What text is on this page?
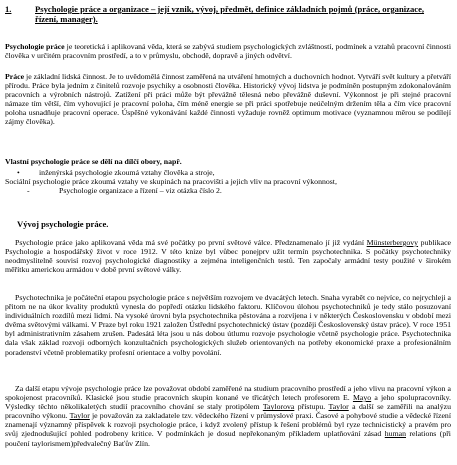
1.	Psychologie práce a organizace – její vznik, vývoj, předmět, definice základních pojmů (práce, organizace, řízení, manager).
Psychologie práce je teoretická i aplikovaná věda, která se zabývá studiem psychologických zvláštností, podmínek a vztahů pracovní činnosti člověka v určitém pracovním prostředí, a to v průmyslu, obchodě, dopravě a jiných odvětví.
Práce je základní lidská činnost. Je to uvědomělá činnost zaměřená na utváření hmotných a duchovních hodnot. Vytváří svět kultury a přetváří přírodu. Práce byla jedním z činitelů rozvoje psychiky a osobnosti člověka. Historický vývoj lidstva je podmíněn postupným zdokonalováním pracovních a výrobních nástrojů. Zatížení při práci může být převážně tělesná nebo převážně duševní. Výkonnost je při stejné pracovní námaze tím větší, čím vyhovující je pracovní poloha, čím méně energie se při práci spotřebuje neúčelným držením těla a čím více pracovní poloha usnadňuje pracovní operace. Úspěšné vykonávání každé činnosti vyžaduje rovněž optimum motivace (vyznamnou měrou se podílejí zájmy člověka).
Vlastní psychologie práce se dělí na dílčí obory, např.
•	inženýrská psychologie zkoumá vztahy člověka a stroje,
Sociální psychologie práce zkoumá vztahy ve skupinách na pracovišti a jejich vliv na pracovní výkonnost,
-	Psychologie organizace a řízení – viz otázka číslo 2.
Vývoj psychologie práce.
Psychologie práce jako aplikovaná věda má své počátky po první světové válce. Předznamenalo jí již vydání Münsterbergovy publikace Psychologie a hospodářský život v roce 1912. V této knize byl vůbec ponejprv užit termín psychotechnika. S počátky psychotechniky neodmyslitelně souvisí rozvoj psychologické diagnostiky a zejména inteligenčních testů. Ten započaly armádní testy použité v širokém měřítku americkou armádou v době první světové války.
Psychotechnika je počáteční etapou psychologie práce s největším rozvojem ve dvacátých letech. Snaha vyrabět co nejvíce, co nejrychleji a přitom ne na úkor kvality produktů vynesla do popředí otázku lidského faktoru. Klíčovou úlohou psychotechniků je tedy stálo posuzovaní individuálních rozdílů mezi lidmi. Na vysoké úrovni byla psychotechnika pěstována a rozvíjena i v některých Československu v období mezi dvěma světovými válkami. V Praze byl roku 1921 založen Ústřední psychotechnický ústav (později Československý ústav práce). V roce 1951 byl administrativním zásahem zrušen. Padesátá léta jsou u nás dobou útlumu rozvoje psychologie včetně psychologie práce. Psychotechnika dala však základ rozvoji odborných konzultačních psychologických služeb orientovaných na potřeby ekonomické praxe a profesionálním poradenství včetně problematiky profesní orientace a volby povolání.
Za další etapu vývoje psychologie práce lze považovat období zaměřené na studium pracovního prostředí a jeho vlivu na pracovní výkon a spokojenost pracovníků. Klasické jsou studie pracovních skupin konané ve třicátých letech profesorem E. Mayo a jeho spolupracovníky. Výsledky těchto několikaletých studií pracovního chování se staly protipólem Taylorova přístupu. Taylor a další se zaměřili na analýzu pracovního výkonu. Taylor je považován za zakladatele tzv. vědeckého řízení v průmyslové praxi. Časové a pohybové studie a vědecké řízení znamenají významný příspěvek k rozvoji psychologie práce, i když zvolený přístup k řešení problémů byl ryze technicistický a pravém pro svůj zjednodušující pohled podrobeny kritice. V podmínkách je dosud nepřekonaným příkladem uplatňování zásad human relations (při poučení taylorismem)předvalečný Baťův Zlín.
